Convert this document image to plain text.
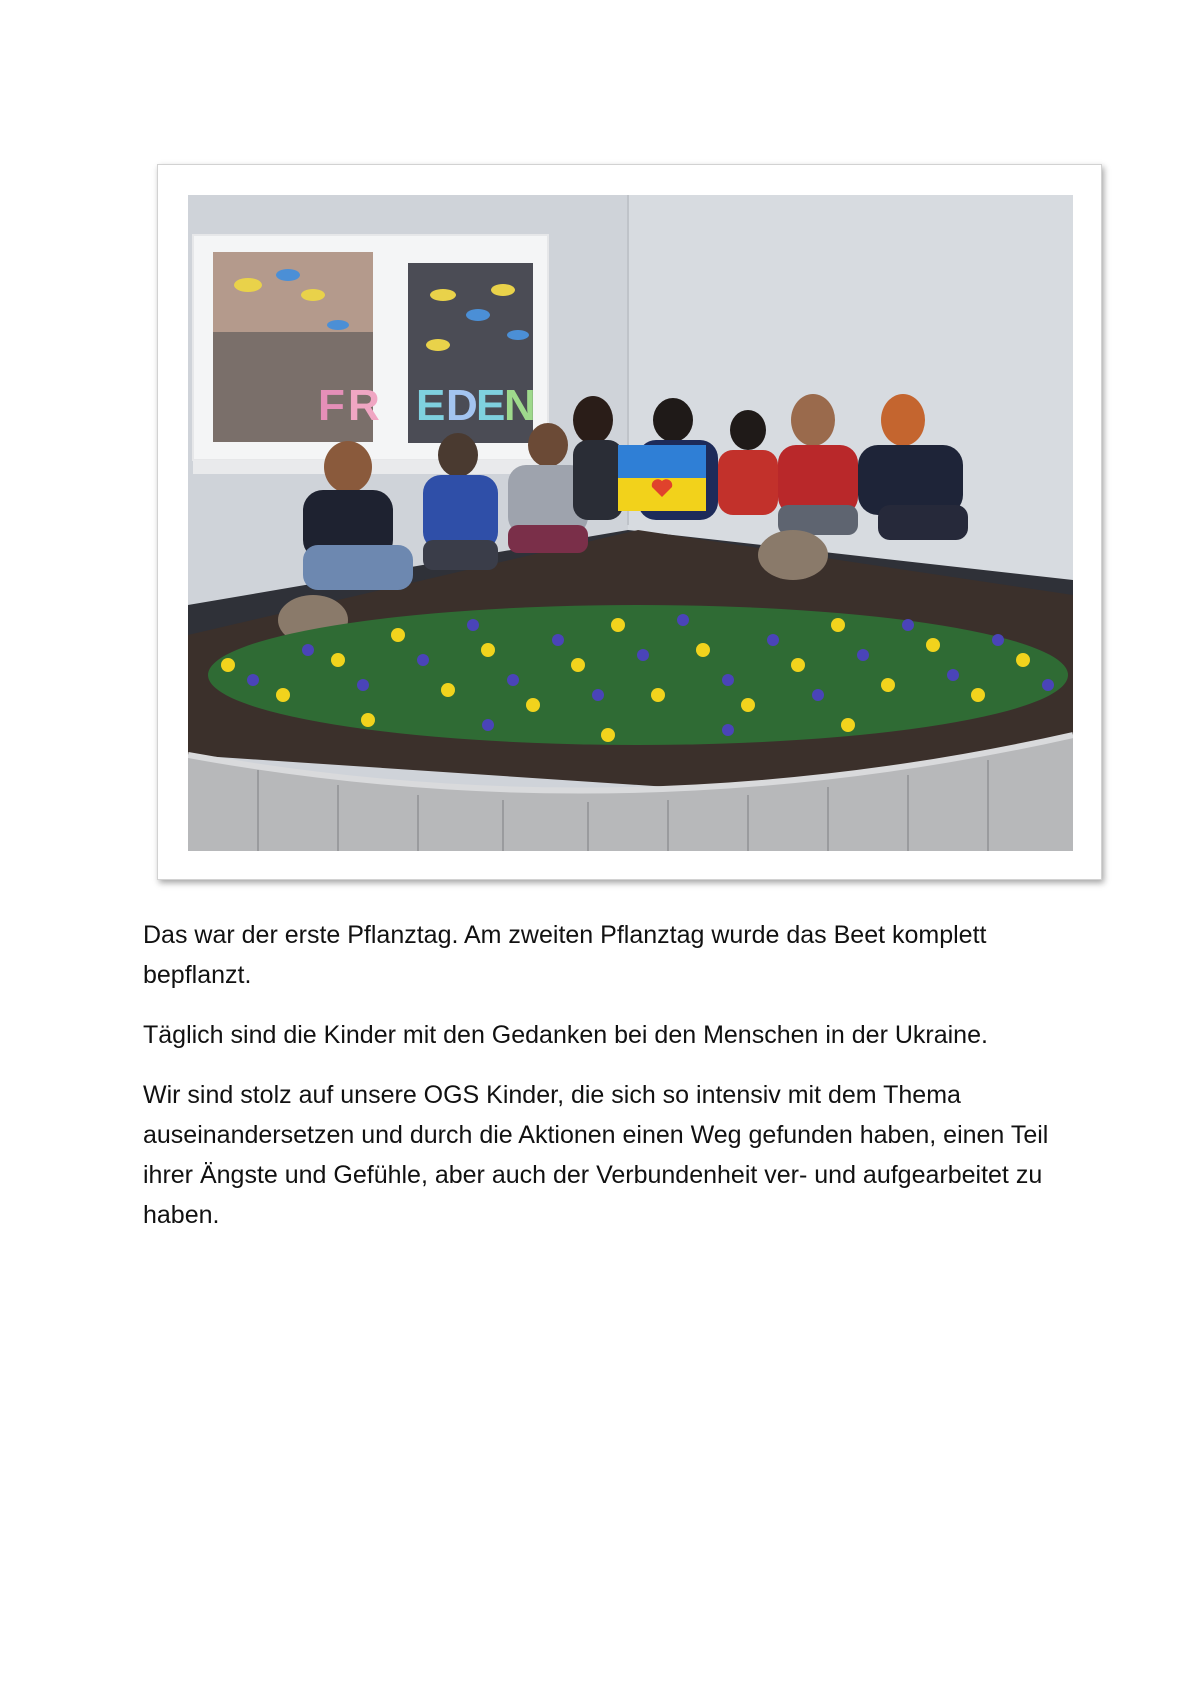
F R E D
E
N

Das war der erste Pflanztag. Am zweiten Pflanztag wurde das Beet komplett bepflanzt.

Täglich sind die Kinder mit den Gedanken bei den Menschen in der Ukraine.

Wir sind stolz auf unsere OGS Kinder, die sich so intensiv mit dem Thema auseinandersetzen und durch die Aktionen einen Weg gefunden haben, einen Teil ihrer Ängste und Gefühle, aber auch der Verbundenheit ver- und aufgearbeitet zu haben.
